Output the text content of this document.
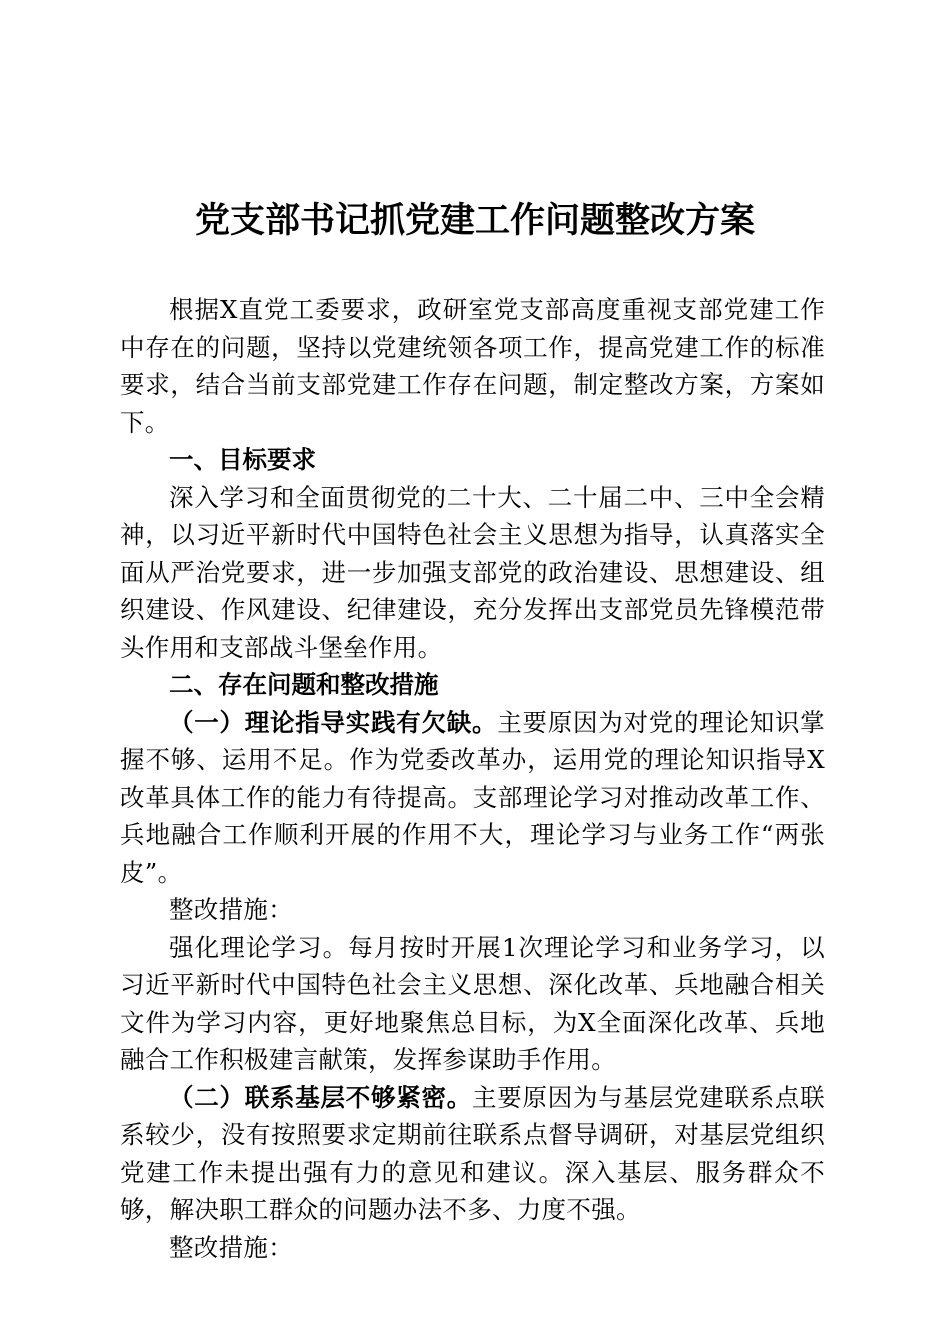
党支部书记抓党建工作问题整改方案

根据X直党工委要求，政研室党支部高度重视支部党建工作中存在的问题，坚持以党建统领各项工作，提高党建工作的标准要求，结合当前支部党建工作存在问题，制定整改方案，方案如下。

一、目标要求

深入学习和全面贯彻党的二十大、二十届二中、三中全会精神，以习近平新时代中国特色社会主义思想为指导，认真落实全面从严治党要求，进一步加强支部党的政治建设、思想建设、组织建设、作风建设、纪律建设，充分发挥出支部党员先锋模范带头作用和支部战斗堡垒作用。

二、存在问题和整改措施

（一）理论指导实践有欠缺。主要原因为对党的理论知识掌握不够、运用不足。作为党委改革办，运用党的理论知识指导X改革具体工作的能力有待提高。支部理论学习对推动改革工作、兵地融合工作顺利开展的作用不大，理论学习与业务工作“两张皮”。

整改措施：

强化理论学习。每月按时开展1次理论学习和业务学习，以习近平新时代中国特色社会主义思想、深化改革、兵地融合相关文件为学习内容，更好地聚焦总目标，为X全面深化改革、兵地融合工作积极建言献策，发挥参谋助手作用。

（二）联系基层不够紧密。主要原因为与基层党建联系点联系较少，没有按照要求定期前往联系点督导调研，对基层党组织党建工作未提出强有力的意见和建议。深入基层、服务群众不够，解决职工群众的问题办法不多、力度不强。

整改措施：
